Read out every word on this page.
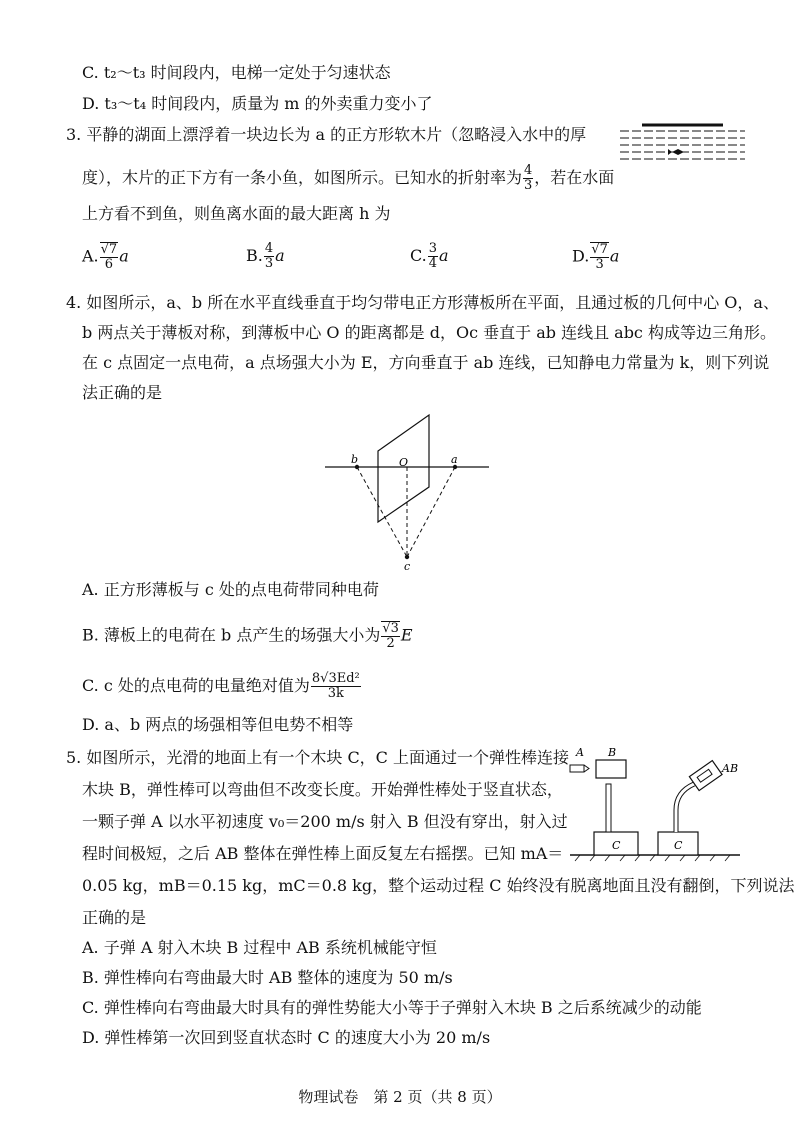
C. t₂～t₃ 时间段内，电梯一定处于匀速状态
D. t₃～t₄ 时间段内，质量为 m 的外卖重力变小了
3. 平静的湖面上漂浮着一块边长为 a 的正方形软木片（忽略浸入水中的厚
度），木片的正下方有一条小鱼，如图所示。已知水的折射率为 $\frac{4}{3}$ ，若在水面
上方看不到鱼，则鱼离水面的最大距离 h 为
A. $\frac{√7}{6}$ a	B. $\frac{4}{3}$ a	C. $\frac{3}{4}$ a	D. $\frac{√7}{3}$ a
4. 如图所示，a、b 所在水平直线垂直于均匀带电正方形薄板所在平面，且通过板的几何中心 O，a、
b 两点关于薄板对称，到薄板中心 O 的距离都是 d，Oc 垂直于 ab 连线且 abc 构成等边三角形。
在 c 点固定一点电荷，a 点场强大小为 E，方向垂直于 ab 连线，已知静电力常量为 k，则下列说
法正确的是
b	O	a
c
A. 正方形薄板与 c 处的点电荷带同种电荷
B. 薄板上的电荷在 b 点产生的场强大小为 $\frac{√3}{2}$ E
C. c 处的点电荷的电量绝对值为 $\frac{\text{8√3Ed²}}{3k}$
D. a、b 两点的场强相等但电势不相等
5. 如图所示，光滑的地面上有一个木块 C，C 上面通过一个弹性棒连接
木块 B，弹性棒可以弯曲但不改变长度。开始弹性棒处于竖直状态，
一颗子弹 A 以水平初速度 v₀＝200 m/s 射入 B 但没有穿出，射入过
程时间极短，之后 AB 整体在弹性棒上面反复左右摇摆。已知 mA＝
0.05 kg，mB＝0.15 kg，mC＝0.8 kg，整个运动过程 C 始终没有脱离地面且没有翻倒，下列说法
正确的是
A B
C	C
AB
A. 子弹 A 射入木块 B 过程中 AB 系统机械能守恒
B. 弹性棒向右弯曲最大时 AB 整体的速度为 50 m/s
C. 弹性棒向右弯曲最大时具有的弹性势能大小等于子弹射入木块 B 之后系统减少的动能
D. 弹性棒第一次回到竖直状态时 C 的速度大小为 20 m/s
物理试卷　第 2 页（共 8 页）
